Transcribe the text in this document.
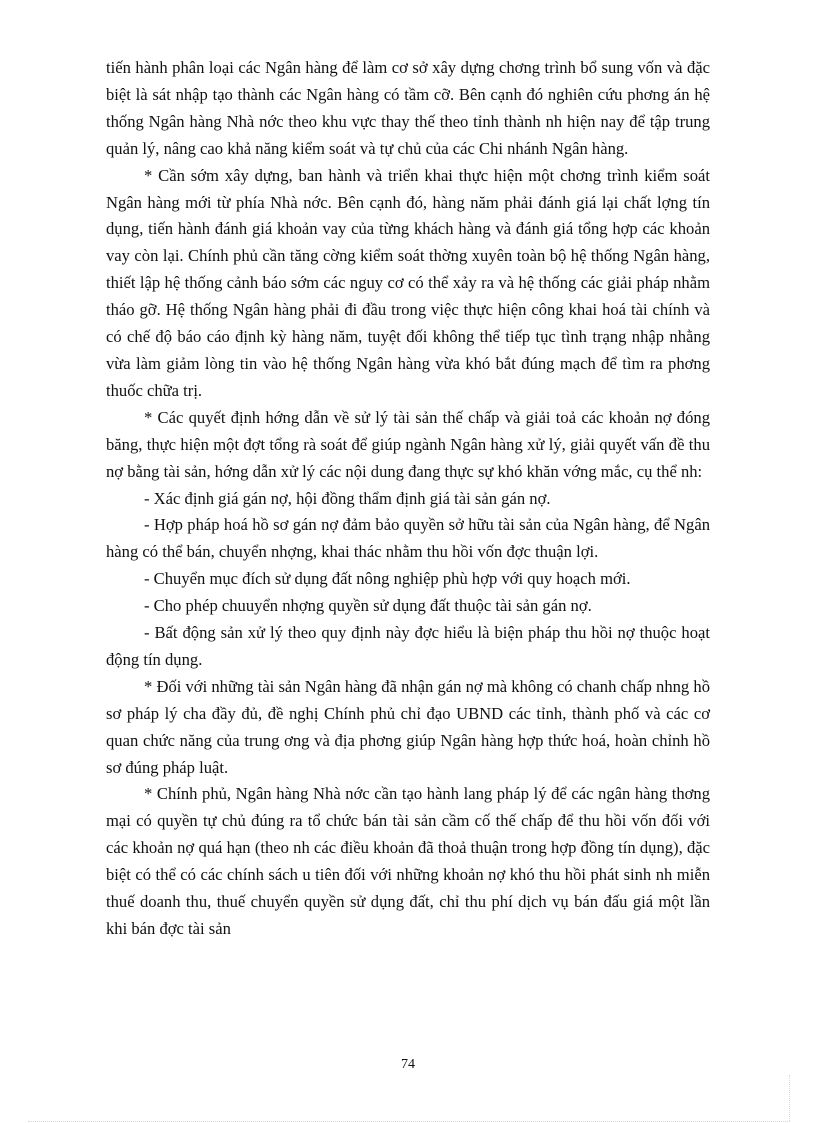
tiến hành phân loại các Ngân hàng để làm cơ sở xây dựng chơng trình bổ sung vốn và đặc biệt là sát nhập tạo thành các Ngân hàng có tầm cỡ. Bên cạnh đó nghiên cứu phơng án hệ thống Ngân hàng Nhà nớc theo khu vực thay thế theo tỉnh thành nh hiện nay để tập trung quản lý, nâng cao khả năng kiểm soát và tự chủ của các Chi nhánh Ngân hàng.

* Cần sớm xây dựng, ban hành và triển khai thực hiện một chơng trình kiểm soát Ngân hàng mới từ phía Nhà nớc. Bên cạnh đó, hàng năm phải đánh giá lại chất lợng tín dụng, tiến hành đánh giá khoản vay của từng khách hàng và đánh giá tổng hợp các khoản vay còn lại. Chính phủ cần tăng cờng kiểm soát thờng xuyên toàn bộ hệ thống Ngân hàng, thiết lập hệ thống cảnh báo sớm các nguy cơ có thể xảy ra và hệ thống các giải pháp nhằm tháo gỡ. Hệ thống Ngân hàng phải đi đầu trong việc thực hiện công khai hoá tài chính và có chế độ báo cáo định kỳ hàng năm, tuyệt đối không thể tiếp tục tình trạng nhập nhằng vừa làm giảm lòng tin vào hệ thống Ngân hàng vừa khó bắt đúng mạch để tìm ra phơng thuốc chữa trị.

* Các quyết định hớng dẫn về sử lý tài sản thế chấp và giải toả các khoản nợ đóng băng, thực hiện một đợt tổng rà soát để giúp ngành Ngân hàng xử lý, giải quyết vấn đề thu nợ bằng tài sản, hớng dẫn xử lý các nội dung đang thực sự khó khăn vớng mắc, cụ thể nh:

- Xác định giá gán nợ, hội đồng thẩm định giá tài sản gán nợ.

- Hợp pháp hoá hồ sơ gán nợ đảm bảo quyền sở hữu tài sản của Ngân hàng, để Ngân hàng có thể bán, chuyển nhợng, khai thác nhằm thu hồi vốn đợc thuận lợi.

- Chuyển mục đích sử dụng đất nông nghiệp phù hợp với quy hoạch mới.

- Cho phép chuuyển nhợng quyền sử dụng đất thuộc tài sản gán nợ.

- Bất động sản xử lý theo quy định này đợc hiểu là biện pháp thu hồi nợ thuộc hoạt động tín dụng.

* Đối với những tài sản Ngân hàng đã nhận gán nợ mà không có chanh chấp nhng hồ sơ pháp lý cha đầy đủ, đề nghị Chính phủ chỉ đạo UBND các tỉnh, thành phố và các cơ quan chức năng của trung ơng và địa phơng giúp Ngân hàng hợp thức hoá, hoàn chỉnh hồ sơ đúng pháp luật.

* Chính phủ, Ngân hàng Nhà nớc cần tạo hành lang pháp lý để các ngân hàng thơng mại có quyền tự chủ đúng ra tổ chức bán tài sản cầm cố thế chấp để thu hồi vốn đối với các khoản nợ quá hạn (theo nh các điều khoản đã thoả thuận trong hợp đồng tín dụng), đặc biệt có thể có các chính sách u tiên đối với những khoản nợ khó thu hồi phát sinh nh miễn thuế doanh thu, thuế chuyển quyền sử dụng đất, chỉ thu phí dịch vụ bán đấu giá một lần khi bán đợc tài sản

74
